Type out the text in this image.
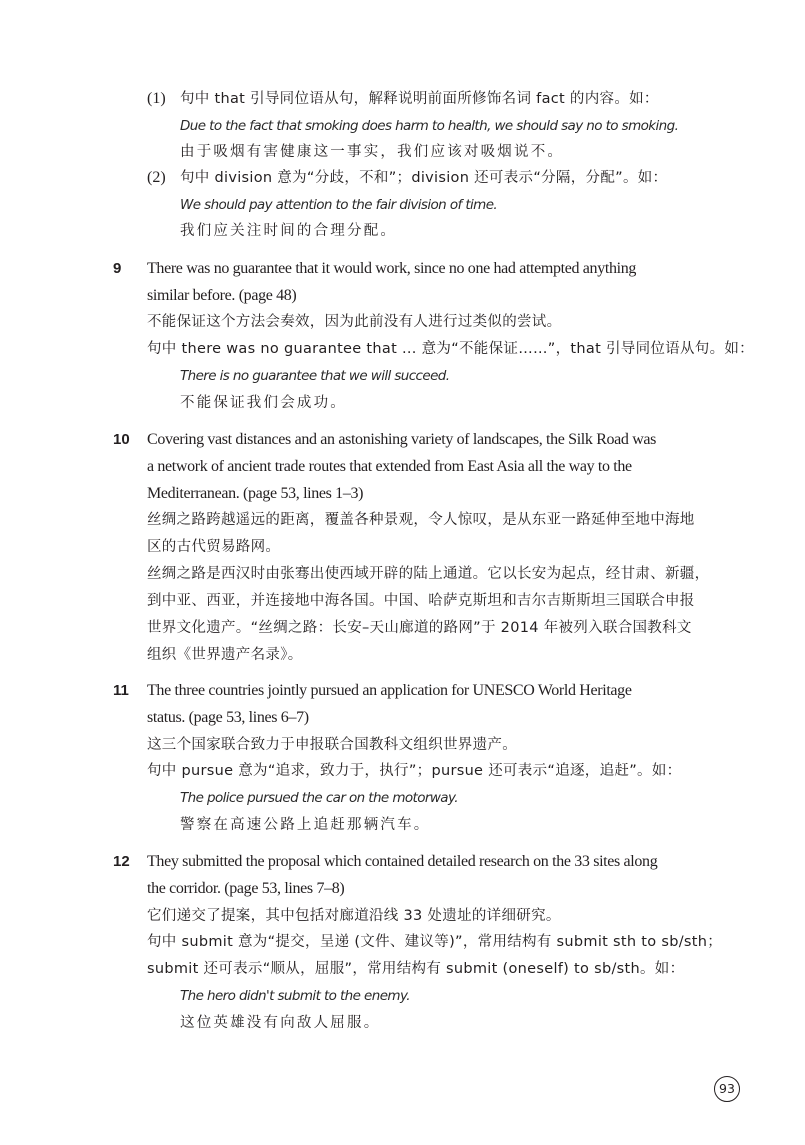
(1) 句中 that 引导同位语从句，解释说明前面所修饰名词 fact 的内容。如：
Due to the fact that smoking does harm to health, we should say no to smoking.
由于吸烟有害健康这一事实，我们应该对吸烟说不。
(2) 句中 division 意为“分歧，不和”；division 还可表示“分隔，分配”。如：
We should pay attention to the fair division of time.
我们应关注时间的合理分配。
9 There was no guarantee that it would work, since no one had attempted anything
similar before. (page 48)
不能保证这个方法会奏效，因为此前没有人进行过类似的尝试。
句中 there was no guarantee that ... 意为“不能保证……”，that 引导同位语从句。如：
There is no guarantee that we will succeed.
不能保证我们会成功。
10 Covering vast distances and an astonishing variety of landscapes, the Silk Road was
a network of ancient trade routes that extended from East Asia all the way to the
Mediterranean. (page 53, lines 1–3)
丝绸之路跨越遥远的距离，覆盖各种景观，令人惊叹，是从东亚一路延伸至地中海地
区的古代贸易路网。
丝绸之路是西汉时由张骞出使西域开辟的陆上通道。它以长安为起点，经甘肃、新疆，
到中亚、西亚，并连接地中海各国。中国、哈萨克斯坦和吉尔吉斯斯坦三国联合申报
世界文化遗产。“丝绸之路：长安–天山廊道的路网”于 2014 年被列入联合国教科文
组织《世界遗产名录》。
11 The three countries jointly pursued an application for UNESCO World Heritage
status. (page 53, lines 6–7)
这三个国家联合致力于申报联合国教科文组织世界遗产。
句中 pursue 意为“追求，致力于，执行”；pursue 还可表示“追逐，追赶”。如：
The police pursued the car on the motorway.
警察在高速公路上追赶那辆汽车。
12 They submitted the proposal which contained detailed research on the 33 sites along
the corridor. (page 53, lines 7–8)
它们递交了提案，其中包括对廊道沿线 33 处遗址的详细研究。
句中 submit 意为“提交，呈递 (文件、建议等)”，常用结构有 submit sth to sb/sth；
submit 还可表示“顺从，屈服”，常用结构有 submit (oneself) to sb/sth。如：
The hero didn't submit to the enemy.
这位英雄没有向敌人屈服。
93
